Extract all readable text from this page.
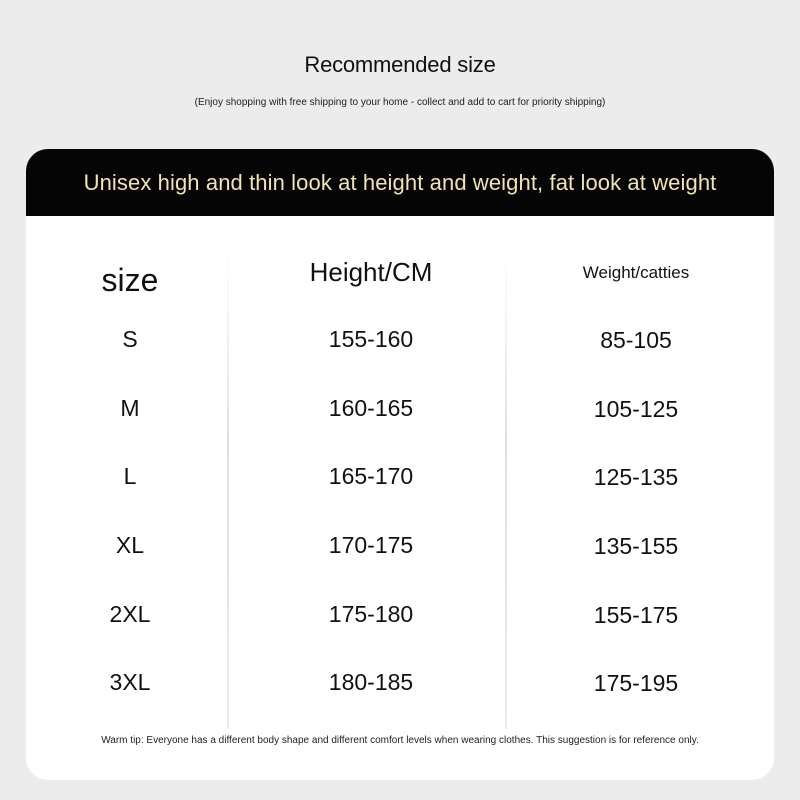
Recommended size
(Enjoy shopping with free shipping to your home - collect and add to cart for priority shipping)
Unisex high and thin look at height and weight, fat look at weight
size	Height/CM	Weight/catties
S	155-160	85-105
M	160-165	105-125
L	165-170	125-135
XL	170-175	135-155
2XL	175-180	155-175
3XL	180-185	175-195
Warm tip: Everyone has a different body shape and different comfort levels when wearing clothes. This suggestion is for reference only.
